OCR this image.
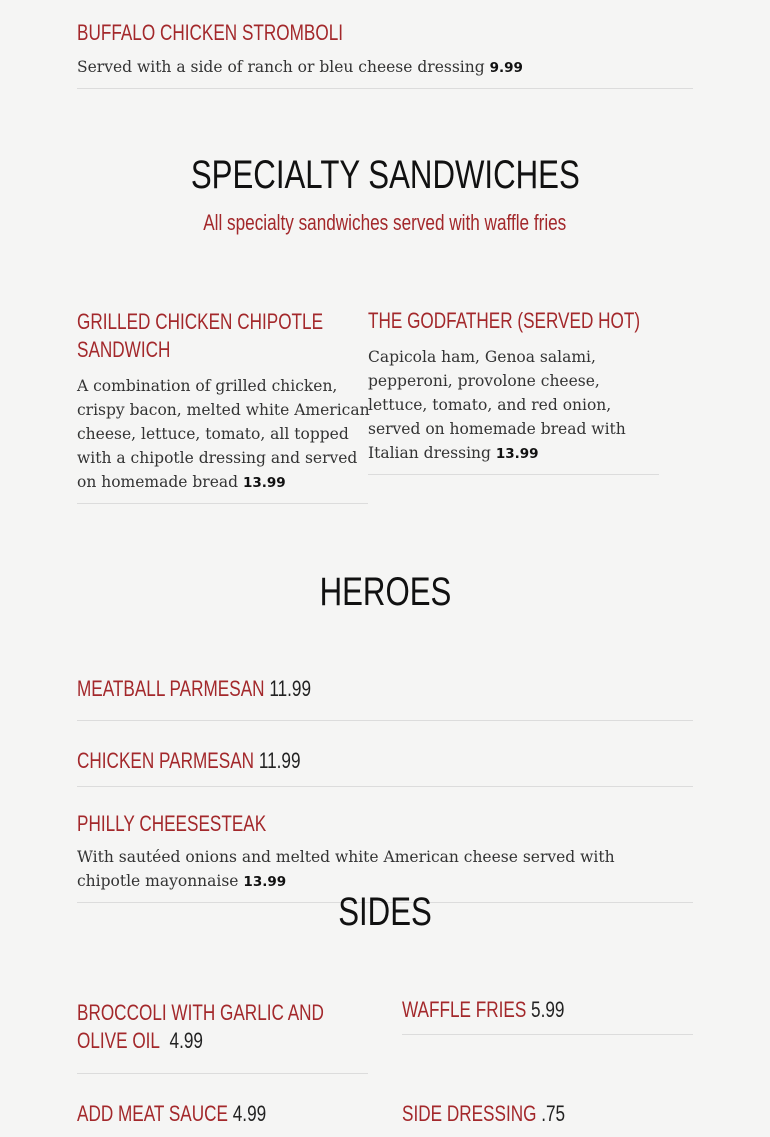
BUFFALO CHICKEN STROMBOLI

Served with a side of ranch or bleu cheese dressing 9.99

SPECIALTY SANDWICHES
All specialty sandwiches served with waffle fries
GRILLED CHICKEN CHIPOTLE SANDWICH

A combination of grilled chicken, crispy bacon, melted white American cheese, lettuce, tomato, all topped with a chipotle dressing and served on homemade bread 13.99

THE GODFATHER (SERVED HOT)

Capicola ham, Genoa salami, pepperoni, provolone cheese, lettuce, tomato, and red onion, served on homemade bread with Italian dressing 13.99

HEROES
MEATBALL PARMESAN 11.99
CHICKEN PARMESAN 11.99
PHILLY CHEESESTEAK

With sautéed onions and melted white American cheese served with chipotle mayonnaise 13.99

SIDES
BROCCOLI WITH GARLIC AND OLIVE OIL 4.99
WAFFLE FRIES 5.99
ADD MEAT SAUCE 4.99	SIDE DRESSING .75
